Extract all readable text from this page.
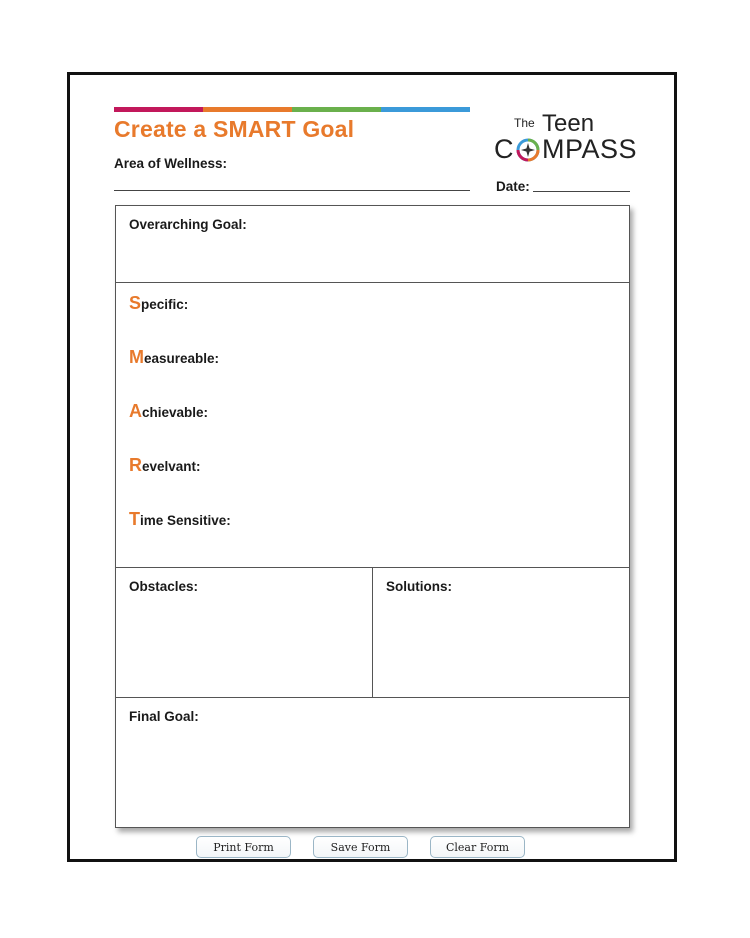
Create a SMART Goal
Area of Wellness:
Date:
The Teen
C MPASS
Overarching Goal:
Specific:
Measureable:
Achievable:
Revelvant:
Time Sensitive:
Obstacles:	Solutions:
Final Goal:
Print Form	Save Form	Clear Form
